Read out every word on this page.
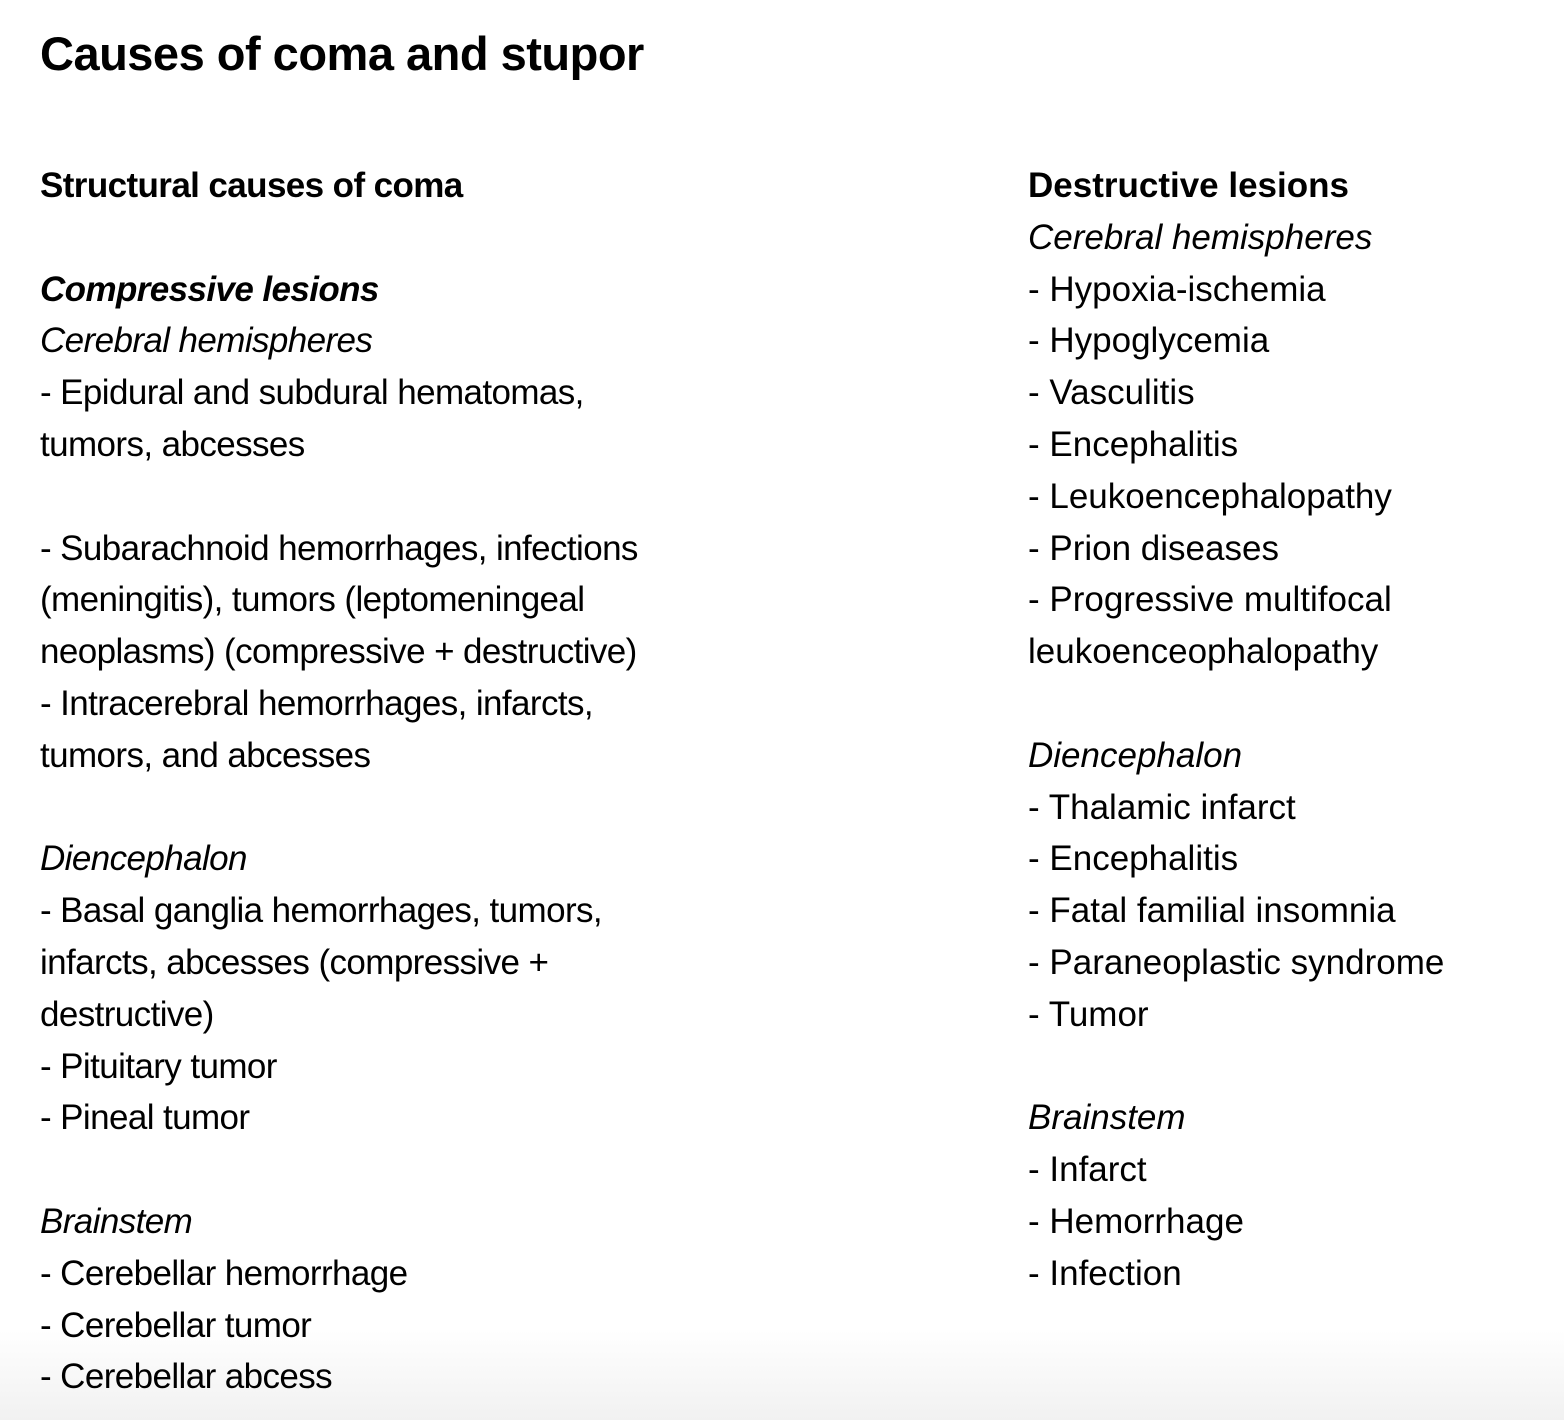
Causes of coma and stupor
Structural causes of coma
Compressive lesions
Cerebral hemispheres
- Epidural and subdural hematomas,
tumors, abcesses
- Subarachnoid hemorrhages, infections
(meningitis), tumors (leptomeningeal
neoplasms) (compressive + destructive)
- Intracerebral hemorrhages, infarcts,
tumors, and abcesses
Diencephalon
- Basal ganglia hemorrhages, tumors,
infarcts, abcesses (compressive +
destructive)
- Pituitary tumor
- Pineal tumor
Brainstem
- Cerebellar hemorrhage
- Cerebellar tumor
- Cerebellar abcess
Destructive lesions
Cerebral hemispheres
- Hypoxia-ischemia
- Hypoglycemia
- Vasculitis
- Encephalitis
- Leukoencephalopathy
- Prion diseases
- Progressive multifocal
leukoenceophalopathy
Diencephalon
- Thalamic infarct
- Encephalitis
- Fatal familial insomnia
- Paraneoplastic syndrome
- Tumor
Brainstem
- Infarct
- Hemorrhage
- Infection
